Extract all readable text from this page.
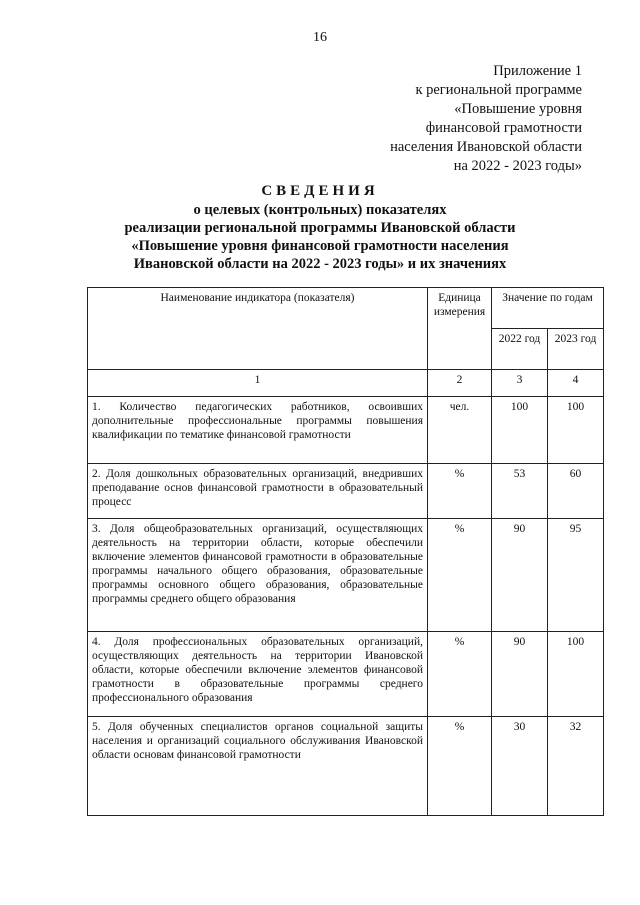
16
Приложение 1
к региональной программе
«Повышение уровня
финансовой грамотности
населения Ивановской области
на 2022 - 2023 годы»
СВЕДЕНИЯ
о целевых (контрольных) показателях
реализации региональной программы Ивановской области
«Повышение уровня финансовой грамотности населения
Ивановской области на 2022 - 2023 годы» и их значениях
Наименование индикатора (показателя)	Единица измерения	Значение по годам	
		2022 год	2023 год
1	2	3	4
1. Количество педагогических работников, освоивших дополнительные профессиональные программы повышения квалификации по тематике финансовой грамотности	чел.	100	100
2. Доля дошкольных образовательных организаций, внедривших преподавание основ финансовой грамотности в образовательный процесс	%	53	60
3. Доля общеобразовательных организаций, осуществляющих деятельность на территории области, которые обеспечили включение элементов финансовой грамотности в образовательные программы начального общего образования, образовательные программы основного общего образования, образовательные программы среднего общего образования	%	90	95
4. Доля профессиональных образовательных организаций, осуществляющих деятельность на территории Ивановской области, которые обеспечили включение элементов финансовой грамотности в образовательные программы среднего профессионального образования	%	90	100
5. Доля обученных специалистов органов социальной защиты населения и организаций социального обслуживания Ивановской области основам финансовой грамотности	%	30	32
